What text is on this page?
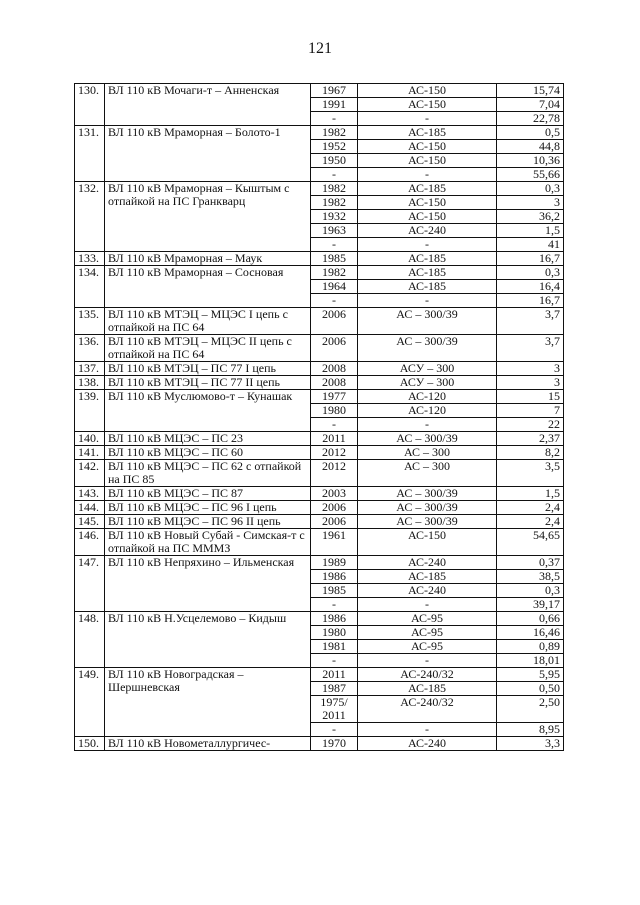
121
130.	ВЛ 110 кВ Мочаги-т – Анненская	1967	АС-150	15,74
		1991	АС-150	7,04
		-	-	22,78
131.	ВЛ 110 кВ Мраморная – Болото-1	1982	АС-185	0,5
		1952	АС-150	44,8
		1950	АС-150	10,36
		-	-	55,66
132.	ВЛ 110 кВ Мраморная – Кыштым с отпайкой на ПС Гранкварц	1982	АС-185	0,3
		1982	АС-150	3
		1932	АС-150	36,2
		1963	АС-240	1,5
		-	-	41
133.	ВЛ 110 кВ Мраморная – Маук	1985	АС-185	16,7
134.	ВЛ 110 кВ Мраморная – Сосновая	1982	АС-185	0,3
		1964	АС-185	16,4
		-	-	16,7
135.	ВЛ 110 кВ МТЭЦ – МЦЭС I цепь с отпайкой на ПС 64	2006	АС – 300/39	3,7
136.	ВЛ 110 кВ МТЭЦ – МЦЭС II цепь с отпайкой на ПС 64	2006	АС – 300/39	3,7
137.	ВЛ 110 кВ МТЭЦ – ПС 77 I цепь	2008	АСУ – 300	3
138.	ВЛ 110 кВ МТЭЦ – ПС 77 II цепь	2008	АСУ – 300	3
139.	ВЛ 110 кВ Муслюмово-т – Кунашак	1977	АС-120	15
		1980	АС-120	7
		-	-	22
140.	ВЛ 110 кВ МЦЭС – ПС 23	2011	АС – 300/39	2,37
141.	ВЛ 110 кВ МЦЭС – ПС 60	2012	АС – 300	8,2
142.	ВЛ 110 кВ МЦЭС – ПС 62 с отпайкой на ПС 85	2012	АС – 300	3,5
143.	ВЛ 110 кВ МЦЭС – ПС 87	2003	АС – 300/39	1,5
144.	ВЛ 110 кВ МЦЭС – ПС 96 I цепь	2006	АС – 300/39	2,4
145.	ВЛ 110 кВ МЦЭС – ПС 96 II цепь	2006	АС – 300/39	2,4
146.	ВЛ 110 кВ Новый Субай - Симская-т с отпайкой на ПС МММЗ	1961	АС-150	54,65
147.	ВЛ 110 кВ Непряхино – Ильменская	1989	АС-240	0,37
		1986	АС-185	38,5
		1985	АС-240	0,3
		-	-	39,17
148.	ВЛ 110 кВ Н.Усцелемово – Кидыш	1986	АС-95	0,66
		1980	АС-95	16,46
		1981	АС-95	0,89
		-	-	18,01
149.	ВЛ 110 кВ Новоградская – Шершневская	2011	АС-240/32	5,95
		1987	АС-185	0,50
		1975/ 2011	АС-240/32	2,50
		-	-	8,95
150.	ВЛ 110 кВ Новометаллургичес-	1970	АС-240	3,3
